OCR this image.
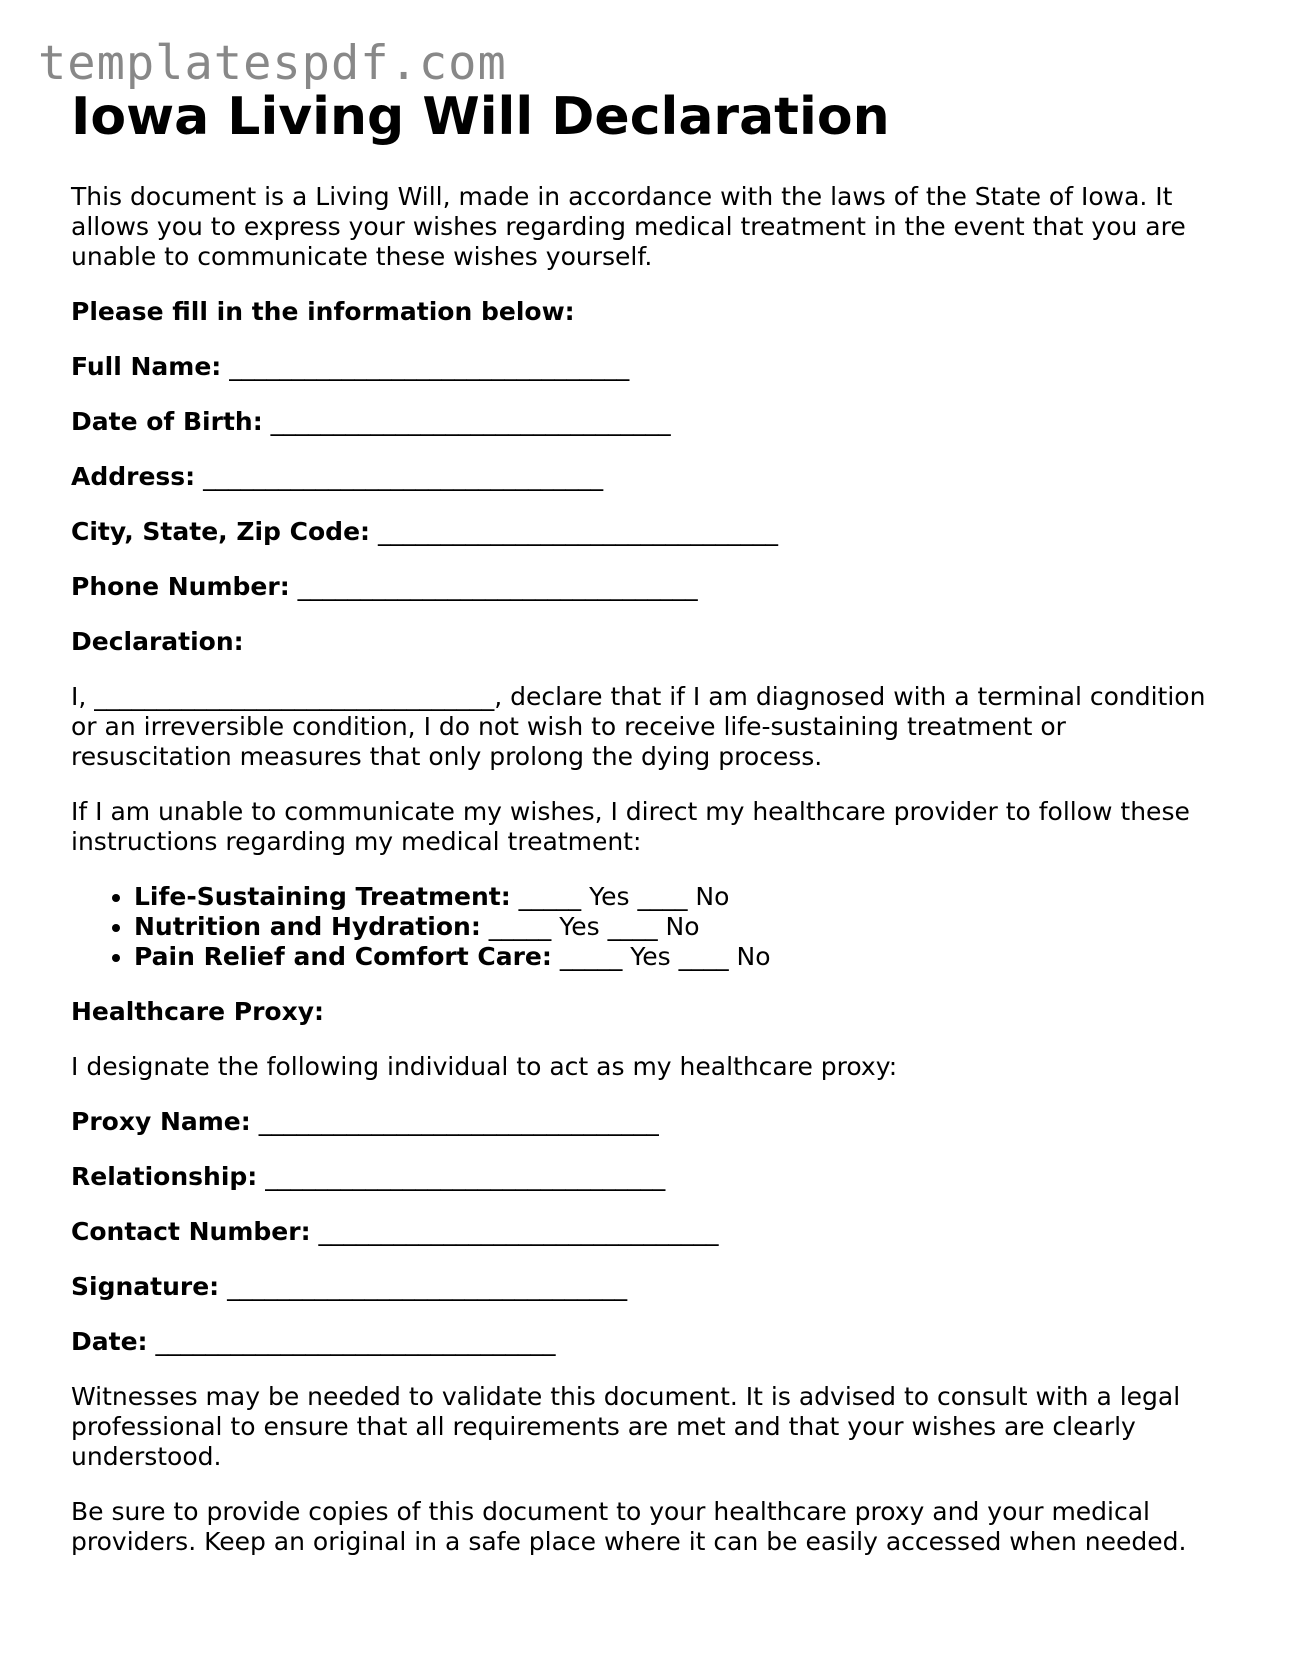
templatespdf.com
Iowa Living Will Declaration

This document is a Living Will, made in accordance with the laws of the State of Iowa. It allows you to express your wishes regarding medical treatment in the event that you are unable to communicate these wishes yourself.

Please fill in the information below:

Full Name: ________________________________
Date of Birth: ________________________________
Address: ________________________________
City, State, Zip Code: ________________________________
Phone Number: ________________________________

Declaration:

I, ________________________________, declare that if I am diagnosed with a terminal condition or an irreversible condition, I do not wish to receive life-sustaining treatment or resuscitation measures that only prolong the dying process.

If I am unable to communicate my wishes, I direct my healthcare provider to follow these instructions regarding my medical treatment:

• Life-Sustaining Treatment: _____ Yes ____ No
• Nutrition and Hydration: _____ Yes ____ No
• Pain Relief and Comfort Care: _____ Yes ____ No

Healthcare Proxy:

I designate the following individual to act as my healthcare proxy:

Proxy Name: ________________________________
Relationship: ________________________________
Contact Number: ________________________________
Signature: ________________________________
Date: ________________________________

Witnesses may be needed to validate this document. It is advised to consult with a legal professional to ensure that all requirements are met and that your wishes are clearly understood.

Be sure to provide copies of this document to your healthcare proxy and your medical providers. Keep an original in a safe place where it can be easily accessed when needed.
